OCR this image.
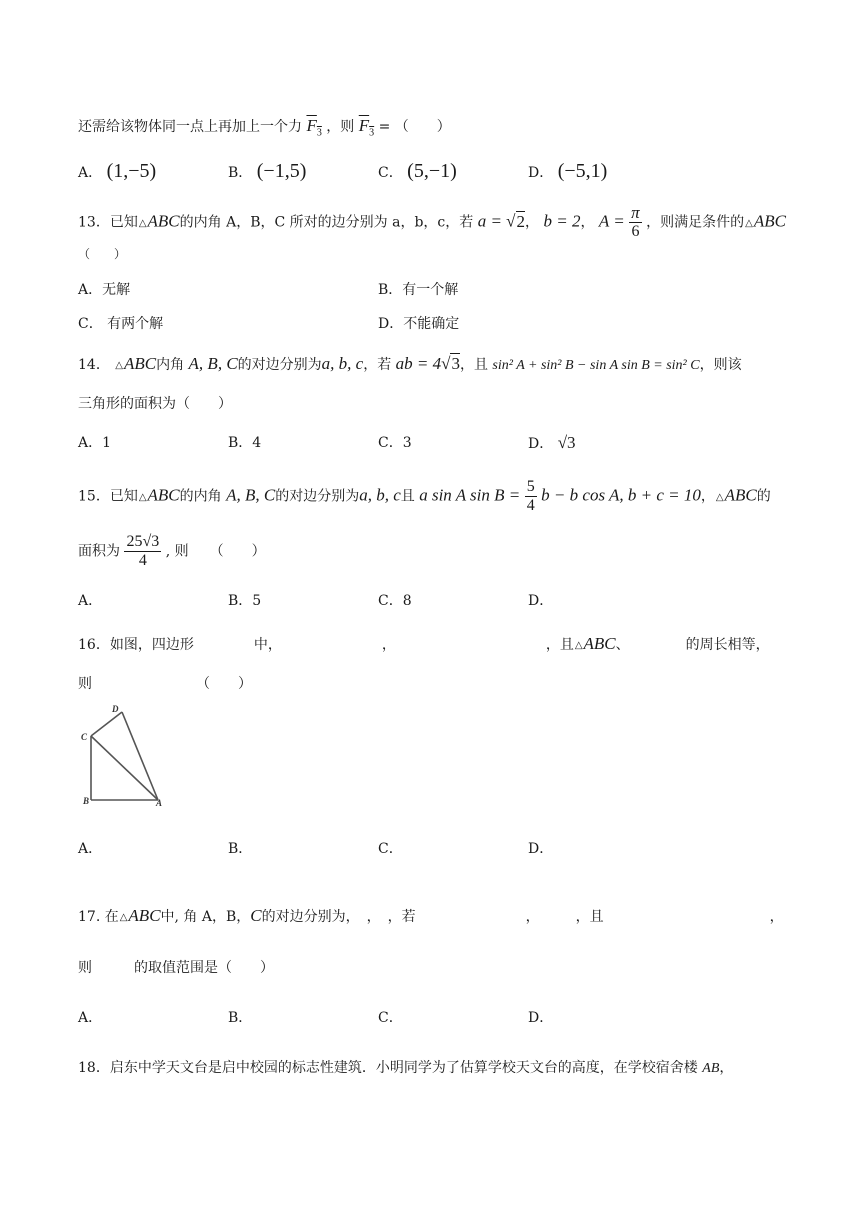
还需给该物体同一点上再加上一个力 $F_3$ ，则 $F_3$ = （　　）
A． (1,−5)	B． (−1,5)	C． (5,−1)	D． (−5,1)
13．已知△ABC的内角 A，B，C 所对的边分别为 a，b，c，若 a = √2， b = 2， $A = \frac{\pi}{6}$ ，则满足条件的△ABC
（　　）
A．无解	B．有一个解
C． 有两个解	D．不能确定
14． △ABC内角 A, B, C的对边分别为a, b, c，若 ab = 4√3，且 sin² A + sin² B − sin A sin B = sin² C，则该
三角形的面积为（　　）
A．1	B．4	C．3	D． √3
15．已知△ABC的内角 A, B, C的对边分别为a, b, c且 a sin A $\sin B = \frac{5}{4}$ b − b cos A, b + c = 10，△ABC的
面积为 $\frac{25√3}{4}$ , 则　　（　　）
A．	B．5	C．8	D．
16．如图，四边形	中，	，	，且△ABC、	的周长相等，
则	（　　）
D
C
B	A
A．	B．	C．	D．
17. 在△ABC中, 角 A，B，C的对边分别为，　，　，若	，	，且	，
则	的取值范围是（　　）
A．	B．	C．	D．
18．启东中学天文台是启中校园的标志性建筑．小明同学为了估算学校天文台的高度，在学校宿舍楼 AB，
